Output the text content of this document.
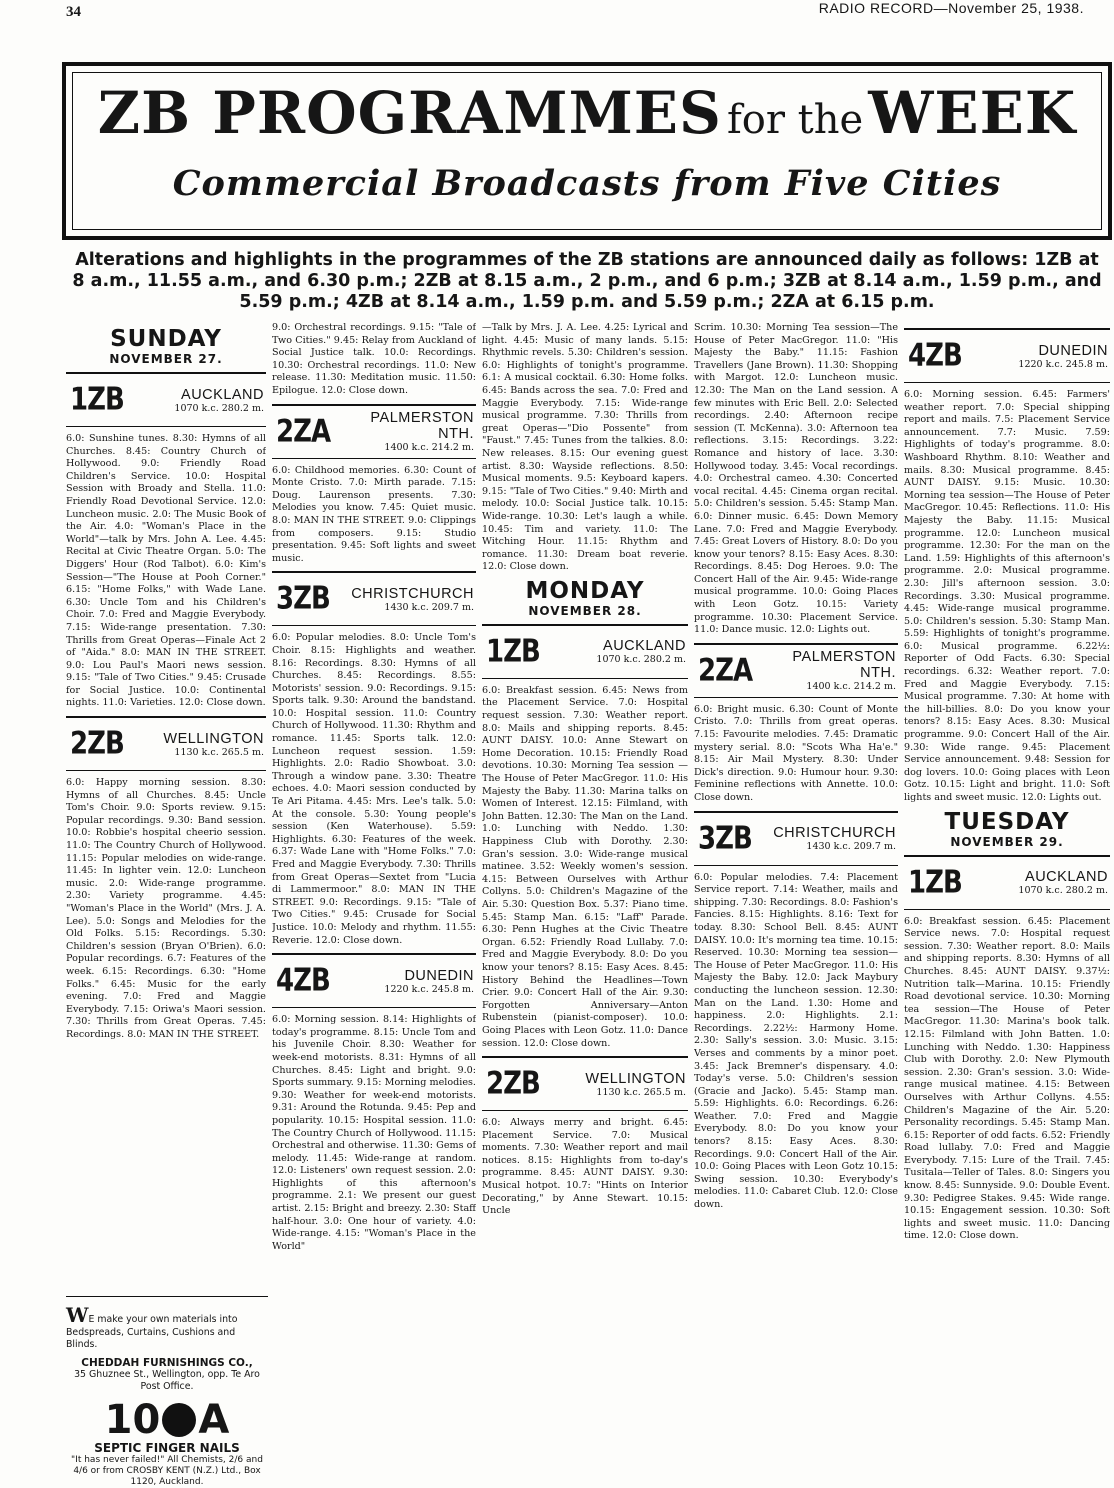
34	RADIO RECORD—November 25, 1938.
ZB PROGRAMMES for the WEEK
Commercial Broadcasts from Five Cities
Alterations and highlights in the programmes of the ZB stations are announced daily as follows: 1ZB at 8 a.m., 11.55 a.m., and 6.30 p.m.; 2ZB at 8.15 a.m., 2 p.m., and 6 p.m.; 3ZB at 8.14 a.m., 1.59 p.m., and 5.59 p.m.; 4ZB at 8.14 a.m., 1.59 p.m. and 5.59 p.m.; 2ZA at 6.15 p.m.
SUNDAY
NOVEMBER 27.
1ZB	AUCKLAND
1070 k.c. 280.2 m.

6.0: Sunshine tunes. 8.30: Hymns of all Churches. 8.45: Country Church of Hollywood. 9.0: Friendly Road Children's Service. 10.0: Hospital Session with Broady and Stella. 11.0: Friendly Road Devotional Service. 12.0: Luncheon music. 2.0: The Music Book of the Air. 4.0: "Woman's Place in the World"—talk by Mrs. John A. Lee. 4.45: Recital at Civic Theatre Organ. 5.0: The Diggers' Hour (Rod Talbot). 6.0: Kim's Session—"The House at Pooh Corner." 6.15: "Home Folks," with Wade Lane. 6.30: Uncle Tom and his Children's Choir. 7.0: Fred and Maggie Everybody. 7.15: Wide-range presentation. 7.30: Thrills from Great Operas—Finale Act 2 of "Aida." 8.0: MAN IN THE STREET. 9.0: Lou Paul's Maori news session. 9.15: "Tale of Two Cities." 9.45: Crusade for Social Justice. 10.0: Continental nights. 11.0: Varieties. 12.0: Close down.

2ZB	WELLINGTON
1130 k.c. 265.5 m.

6.0: Happy morning session. 8.30: Hymns of all Churches. 8.45: Uncle Tom's Choir. 9.0: Sports review. 9.15: Popular recordings. 9.30: Band session. 10.0: Robbie's hospital cheerio session. 11.0: The Country Church of Hollywood. 11.15: Popular melodies on wide-range. 11.45: In lighter vein. 12.0: Luncheon music. 2.0: Wide-range programme. 2.30: Variety programme. 4.45: "Woman's Place in the World" (Mrs. J. A. Lee). 5.0: Songs and Melodies for the Old Folks. 5.15: Recordings. 5.30: Children's session (Bryan O'Brien). 6.0: Popular recordings. 6.7: Features of the week. 6.15: Recordings. 6.30: "Home Folks." 6.45: Music for the early evening. 7.0: Fred and Maggie Everybody. 7.15: Oriwa's Maori session. 7.30: Thrills from Great Operas. 7.45: Recordings. 8.0: MAN IN THE STREET.

WE make your own materials into Bedspreads, Curtains, Cushions and Blinds.
CHEDDAH FURNISHINGS CO.,
35 Ghuznee St., Wellington, opp. Te Aro Post Office.
10 A
SEPTIC FINGER NAILS
"It has never failed!" All Chemists, 2/6 and 4/6 or from CROSBY KENT (N.Z.) Ltd., Box 1120, Auckland.

9.0: Orchestral recordings. 9.15: "Tale of Two Cities." 9.45: Relay from Auckland of Social Justice talk. 10.0: Recordings. 10.30: Orchestral recordings. 11.0: New release. 11.30: Meditation music. 11.50: Epilogue. 12.0: Close down.

2ZA	PALMERSTON NTH.
1400 k.c. 214.2 m.

6.0: Childhood memories. 6.30: Count of Monte Cristo. 7.0: Mirth parade. 7.15: Doug. Laurenson presents. 7.30: Melodies you know. 7.45: Quiet music. 8.0: MAN IN THE STREET. 9.0: Clippings from composers. 9.15: Studio presentation. 9.45: Soft lights and sweet music.

3ZB	CHRISTCHURCH
1430 k.c. 209.7 m.

6.0: Popular melodies. 8.0: Uncle Tom's Choir. 8.15: Highlights and weather. 8.16: Recordings. 8.30: Hymns of all Churches. 8.45: Recordings. 8.55: Motorists' session. 9.0: Recordings. 9.15: Sports talk. 9.30: Around the bandstand. 10.0: Hospital session. 11.0: Country Church of Hollywood. 11.30: Rhythm and romance. 11.45: Sports talk. 12.0: Luncheon request session. 1.59: Highlights. 2.0: Radio Showboat. 3.0: Through a window pane. 3.30: Theatre echoes. 4.0: Maori session conducted by Te Ari Pitama. 4.45: Mrs. Lee's talk. 5.0: At the console. 5.30: Young people's session (Ken Waterhouse). 5.59: Highlights. 6.30: Features of the week. 6.37: Wade Lane with "Home Folks." 7.0: Fred and Maggie Everybody. 7.30: Thrills from Great Operas—Sextet from "Lucia di Lammermoor." 8.0: MAN IN THE STREET. 9.0: Recordings. 9.15: "Tale of Two Cities." 9.45: Crusade for Social Justice. 10.0: Melody and rhythm. 11.55: Reverie. 12.0: Close down.

4ZB	DUNEDIN
1220 k.c. 245.8 m.

6.0: Morning session. 8.14: Highlights of today's programme. 8.15: Uncle Tom and his Juvenile Choir. 8.30: Weather for week-end motorists. 8.31: Hymns of all Churches. 8.45: Light and bright. 9.0: Sports summary. 9.15: Morning melodies. 9.30: Weather for week-end motorists. 9.31: Around the Rotunda. 9.45: Pep and popularity. 10.15: Hospital session. 11.0: The Country Church of Hollywood. 11.15: Orchestral and otherwise. 11.30: Gems of melody. 11.45: Wide-range at random. 12.0: Listeners' own request session. 2.0: Highlights of this afternoon's programme. 2.1: We present our guest artist. 2.15: Bright and breezy. 2.30: Staff half-hour. 3.0: One hour of variety. 4.0: Wide-range. 4.15: "Woman's Place in the World"

—Talk by Mrs. J. A. Lee. 4.25: Lyrical and light. 4.45: Music of many lands. 5.15: Rhythmic revels. 5.30: Children's session. 6.0: Highlights of tonight's programme. 6.1: A musical cocktail. 6.30: Home folks. 6.45: Bands across the sea. 7.0: Fred and Maggie Everybody. 7.15: Wide-range musical programme. 7.30: Thrills from great Operas—"Dio Possente" from "Faust." 7.45: Tunes from the talkies. 8.0: New releases. 8.15: Our evening guest artist. 8.30: Wayside reflections. 8.50: Musical moments. 9.5: Keyboard kapers. 9.15: "Tale of Two Cities." 9.40: Mirth and melody. 10.0: Social Justice talk. 10.15: Wide-range. 10.30: Let's laugh a while. 10.45: Tim and variety. 11.0: The Witching Hour. 11.15: Rhythm and romance. 11.30: Dream boat reverie. 12.0: Close down.

MONDAY
NOVEMBER 28.
1ZB	AUCKLAND
1070 k.c. 280.2 m.

6.0: Breakfast session. 6.45: News from the Placement Service. 7.0: Hospital request session. 7.30: Weather report. 8.0: Mails and shipping reports. 8.45: AUNT DAISY. 10.0: Anne Stewart on Home Decoration. 10.15: Friendly Road devotions. 10.30: Morning Tea session — The House of Peter MacGregor. 11.0: His Majesty the Baby. 11.30: Marina talks on Women of Interest. 12.15: Filmland, with John Batten. 12.30: The Man on the Land. 1.0: Lunching with Neddo. 1.30: Happiness Club with Dorothy. 2.30: Gran's session. 3.0: Wide-range musical matinee. 3.52: Weekly women's session. 4.15: Between Ourselves with Arthur Collyns. 5.0: Children's Magazine of the Air. 5.30: Question Box. 5.37: Piano time. 5.45: Stamp Man. 6.15: "Laff" Parade. 6.30: Penn Hughes at the Civic Theatre Organ. 6.52: Friendly Road Lullaby. 7.0: Fred and Maggie Everybody. 8.0: Do you know your tenors? 8.15: Easy Aces. 8.45: History Behind the Headlines—Town Crier. 9.0: Concert Hall of the Air. 9.30: Forgotten Anniversary—Anton Rubenstein (pianist-composer). 10.0: Going Places with Leon Gotz. 11.0: Dance session. 12.0: Close down.

2ZB	WELLINGTON
1130 k.c. 265.5 m.

6.0: Always merry and bright. 6.45: Placement Service. 7.0: Musical moments. 7.30: Weather report and mail notices. 8.15: Highlights from to-day's programme. 8.45: AUNT DAISY. 9.30: Musical hotpot. 10.7: "Hints on Interior Decorating," by Anne Stewart. 10.15: Uncle

Scrim. 10.30: Morning Tea session—The House of Peter MacGregor. 11.0: "His Majesty the Baby." 11.15: Fashion Travellers (Jane Brown). 11.30: Shopping with Margot. 12.0: Luncheon music. 12.30: The Man on the Land session. A few minutes with Eric Bell. 2.0: Selected recordings. 2.40: Afternoon recipe session (T. McKenna). 3.0: Afternoon tea reflections. 3.15: Recordings. 3.22: Romance and history of lace. 3.30: Hollywood today. 3.45: Vocal recordings. 4.0: Orchestral cameo. 4.30: Concerted vocal recital. 4.45: Cinema organ recital. 5.0: Children's session. 5.45: Stamp Man. 6.0: Dinner music. 6.45: Down Memory Lane. 7.0: Fred and Maggie Everybody. 7.45: Great Lovers of History. 8.0: Do you know your tenors? 8.15: Easy Aces. 8.30: Recordings. 8.45: Dog Heroes. 9.0: The Concert Hall of the Air. 9.45: Wide-range musical programme. 10.0: Going Places with Leon Gotz. 10.15: Variety programme. 10.30: Placement Service. 11.0: Dance music. 12.0: Lights out.

2ZA	PALMERSTON NTH.
1400 k.c. 214.2 m.

6.0: Bright music. 6.30: Count of Monte Cristo. 7.0: Thrills from great operas. 7.15: Favourite melodies. 7.45: Dramatic mystery serial. 8.0: "Scots Wha Ha'e." 8.15: Air Mail Mystery. 8.30: Under Dick's direction. 9.0: Humour hour. 9.30: Feminine reflections with Annette. 10.0: Close down.

3ZB	CHRISTCHURCH
1430 k.c. 209.7 m.

6.0: Popular melodies. 7.4: Placement Service report. 7.14: Weather, mails and shipping. 7.30: Recordings. 8.0: Fashion's Fancies. 8.15: Highlights. 8.16: Text for today. 8.30: School Bell. 8.45: AUNT DAISY. 10.0: It's morning tea time. 10.15: Reserved. 10.30: Morning tea session—The House of Peter MacGregor. 11.0: His Majesty the Baby. 12.0: Jack Maybury conducting the luncheon session. 12.30: Man on the Land. 1.30: Home and happiness. 2.0: Highlights. 2.1: Recordings. 2.22½: Harmony Home. 2.30: Sally's session. 3.0: Music. 3.15: Verses and comments by a minor poet. 3.45: Jack Bremner's dispensary. 4.0: Today's verse. 5.0: Children's session (Gracie and Jacko). 5.45: Stamp man. 5.59: Highlights. 6.0: Recordings. 6.26: Weather. 7.0: Fred and Maggie Everybody. 8.0: Do you know your tenors? 8.15: Easy Aces. 8.30: Recordings. 9.0: Concert Hall of the Air. 10.0: Going Places with Leon Gotz 10.15: Swing session. 10.30: Everybody's melodies. 11.0: Cabaret Club. 12.0: Close down.

4ZB	DUNEDIN
1220 k.c. 245.8 m.

6.0: Morning session. 6.45: Farmers' weather report. 7.0: Special shipping report and mails. 7.5: Placement Service announcement. 7.7: Music. 7.59: Highlights of today's programme. 8.0: Washboard Rhythm. 8.10: Weather and mails. 8.30: Musical programme. 8.45: AUNT DAISY. 9.15: Music. 10.30: Morning tea session—The House of Peter MacGregor. 10.45: Reflections. 11.0: His Majesty the Baby. 11.15: Musical programme. 12.0: Luncheon musical programme. 12.30: For the man on the Land. 1.59: Highlights of this afternoon's programme. 2.0: Musical programme. 2.30: Jill's afternoon session. 3.0: Recordings. 3.30: Musical programme. 4.45: Wide-range musical programme. 5.0: Children's session. 5.30: Stamp Man. 5.59: Highlights of tonight's programme. 6.0: Musical programme. 6.22½: Reporter of Odd Facts. 6.30: Special recordings. 6.32: Weather report. 7.0: Fred and Maggie Everybody. 7.15: Musical programme. 7.30: At home with the hill-billies. 8.0: Do you know your tenors? 8.15: Easy Aces. 8.30: Musical programme. 9.0: Concert Hall of the Air. 9.30: Wide range. 9.45: Placement Service announcement. 9.48: Session for dog lovers. 10.0: Going places with Leon Gotz. 10.15: Light and bright. 11.0: Soft lights and sweet music. 12.0: Lights out.

TUESDAY
NOVEMBER 29.
1ZB	AUCKLAND
1070 k.c. 280.2 m.

6.0: Breakfast session. 6.45: Placement Service news. 7.0: Hospital request session. 7.30: Weather report. 8.0: Mails and shipping reports. 8.30: Hymns of all Churches. 8.45: AUNT DAISY. 9.37½: Nutrition talk—Marina. 10.15: Friendly Road devotional service. 10.30: Morning tea session—The House of Peter MacGregor. 11.30: Marina's book talk. 12.15: Filmland with John Batten. 1.0: Lunching with Neddo. 1.30: Happiness Club with Dorothy. 2.0: New Plymouth session. 2.30: Gran's session. 3.0: Wide-range musical matinee. 4.15: Between Ourselves with Arthur Collyns. 4.55: Children's Magazine of the Air. 5.20: Personality recordings. 5.45: Stamp Man. 6.15: Reporter of odd facts. 6.52: Friendly Road lullaby. 7.0: Fred and Maggie Everybody. 7.15: Lure of the Trail. 7.45: Tusitala—Teller of Tales. 8.0: Singers you know. 8.45: Sunnyside. 9.0: Double Event. 9.30: Pedigree Stakes. 9.45: Wide range. 10.15: Engagement session. 10.30: Soft lights and sweet music. 11.0: Dancing time. 12.0: Close down.
